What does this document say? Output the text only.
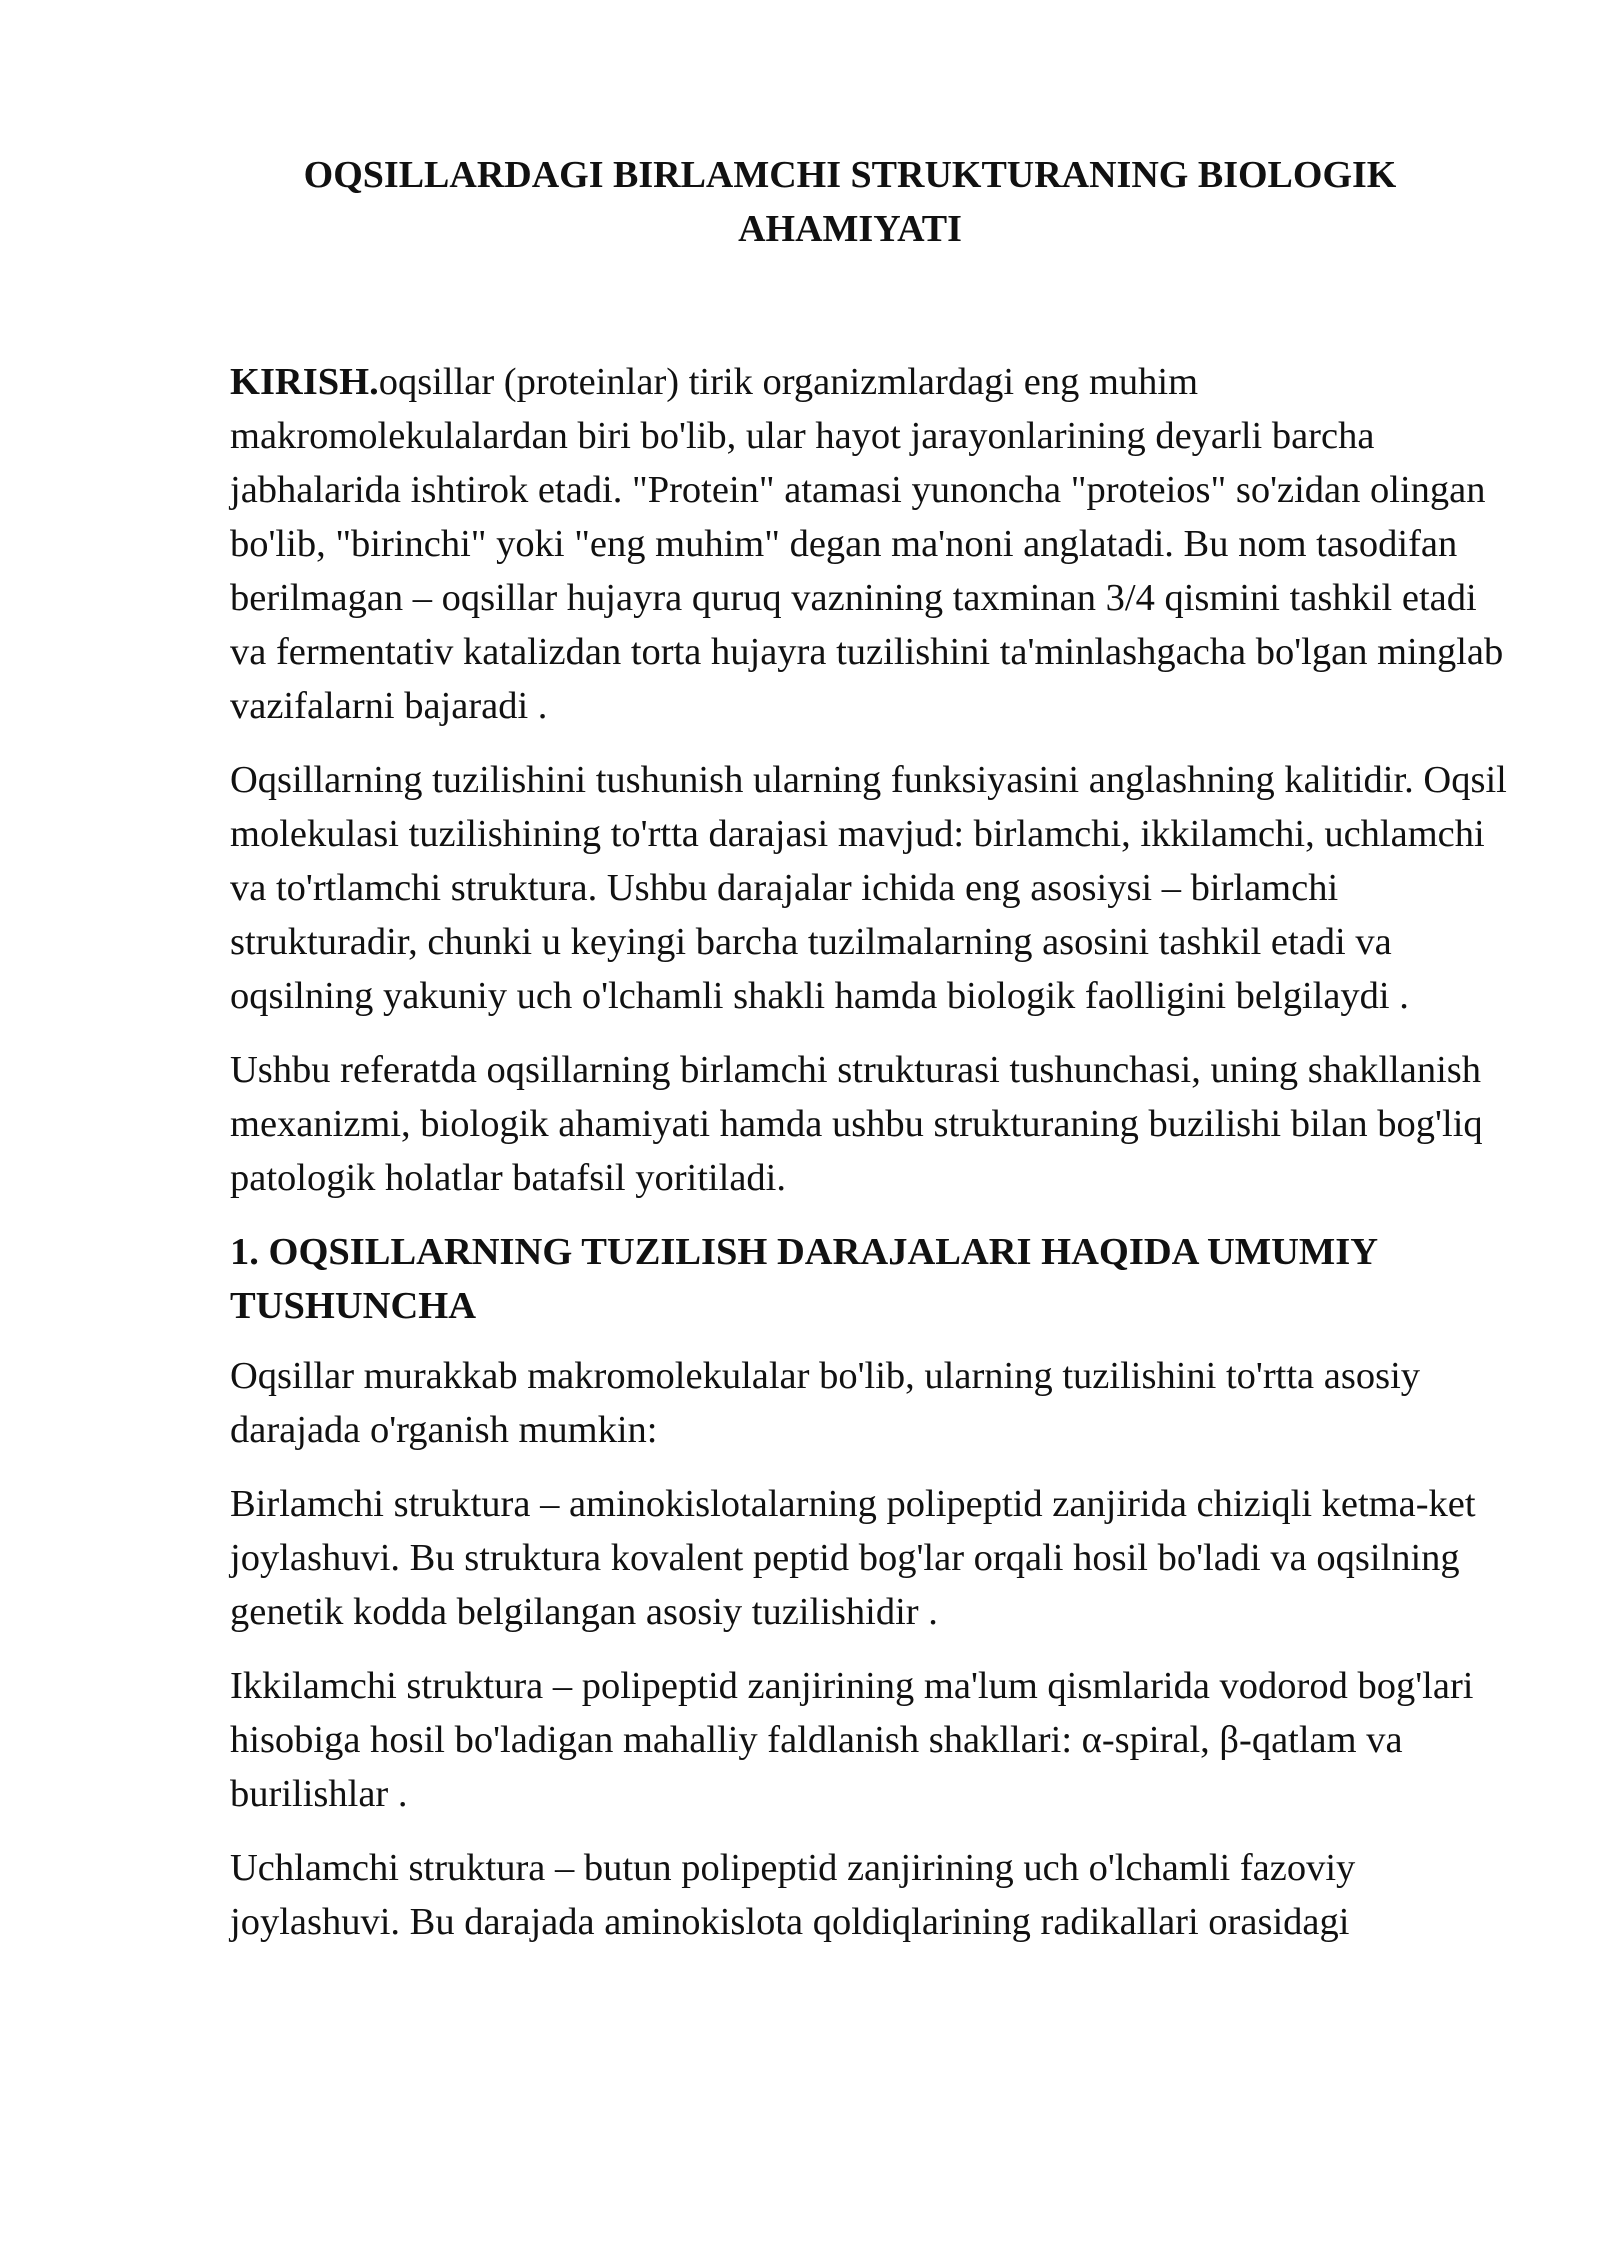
OQSILLARDAGI BIRLAMCHI STRUKTURANING BIOLOGIK AHAMIYATI

KIRISH.oqsillar (proteinlar) tirik organizmlardagi eng muhim makromolekulalardan biri bo'lib, ular hayot jarayonlarining deyarli barcha jabhalarida ishtirok etadi. "Protein" atamasi yunoncha "proteios" so'zidan olingan bo'lib, "birinchi" yoki "eng muhim" degan ma'noni anglatadi. Bu nom tasodifan berilmagan – oqsillar hujayra quruq vaznining taxminan 3/4 qismini tashkil etadi va fermentativ katalizdan torta hujayra tuzilishini ta'minlashgacha bo'lgan minglab vazifalarni bajaradi .

Oqsillarning tuzilishini tushunish ularning funksiyasini anglashning kalitidir. Oqsil molekulasi tuzilishining to'rtta darajasi mavjud: birlamchi, ikkilamchi, uchlamchi va to'rtlamchi struktura. Ushbu darajalar ichida eng asosiysi – birlamchi strukturadir, chunki u keyingi barcha tuzilmalarning asosini tashkil etadi va oqsilning yakuniy uch o'lchamli shakli hamda biologik faolligini belgilaydi .

Ushbu referatda oqsillarning birlamchi strukturasi tushunchasi, uning shakllanish mexanizmi, biologik ahamiyati hamda ushbu strukturaning buzilishi bilan bog'liq patologik holatlar batafsil yoritiladi.

1. OQSILLARNING TUZILISH DARAJALARI HAQIDA UMUMIY TUSHUNCHA

Oqsillar murakkab makromolekulalar bo'lib, ularning tuzilishini to'rtta asosiy darajada o'rganish mumkin:

Birlamchi struktura – aminokislotalarning polipeptid zanjirida chiziqli ketma-ket joylashuvi. Bu struktura kovalent peptid bog'lar orqali hosil bo'ladi va oqsilning genetik kodda belgilangan asosiy tuzilishidir .

Ikkilamchi struktura – polipeptid zanjirining ma'lum qismlarida vodorod bog'lari hisobiga hosil bo'ladigan mahalliy faldlanish shakllari: α-spiral, β-qatlam va burilishlar .

Uchlamchi struktura – butun polipeptid zanjirining uch o'lchamli fazoviy joylashuvi. Bu darajada aminokislota qoldiqlarining radikallari orasidagi
